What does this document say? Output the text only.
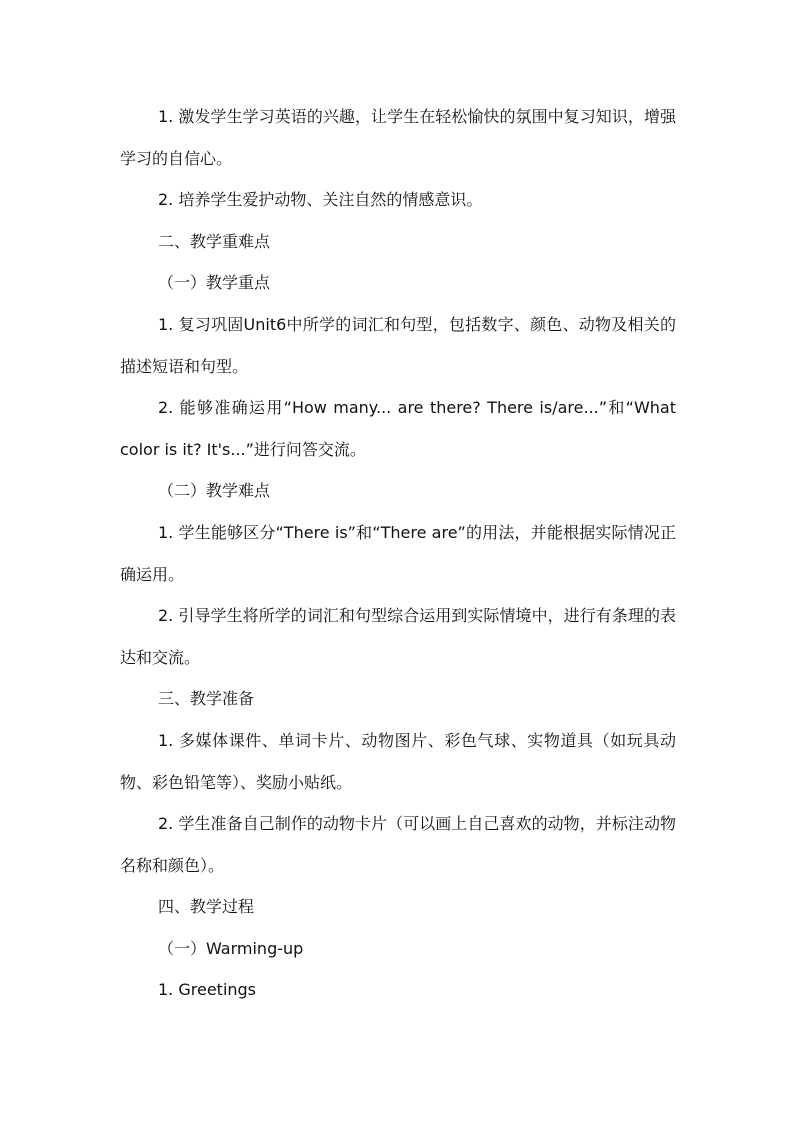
1. 激发学生学习英语的兴趣，让学生在轻松愉快的氛围中复习知识，增强学习的自信心。

2. 培养学生爱护动物、关注自然的情感意识。

二、教学重难点

（一）教学重点

1. 复习巩固Unit6中所学的词汇和句型，包括数字、颜色、动物及相关的描述短语和句型。

2. 能够准确运用“How many... are there? There is/are...”和“What color is it? It's...”进行问答交流。

（二）教学难点

1. 学生能够区分“There is”和“There are”的用法，并能根据实际情况正确运用。

2. 引导学生将所学的词汇和句型综合运用到实际情境中，进行有条理的表达和交流。

三、教学准备

1. 多媒体课件、单词卡片、动物图片、彩色气球、实物道具（如玩具动物、彩色铅笔等）、奖励小贴纸。

2. 学生准备自己制作的动物卡片（可以画上自己喜欢的动物，并标注动物名称和颜色）。

四、教学过程

（一）Warming-up

1. Greetings
